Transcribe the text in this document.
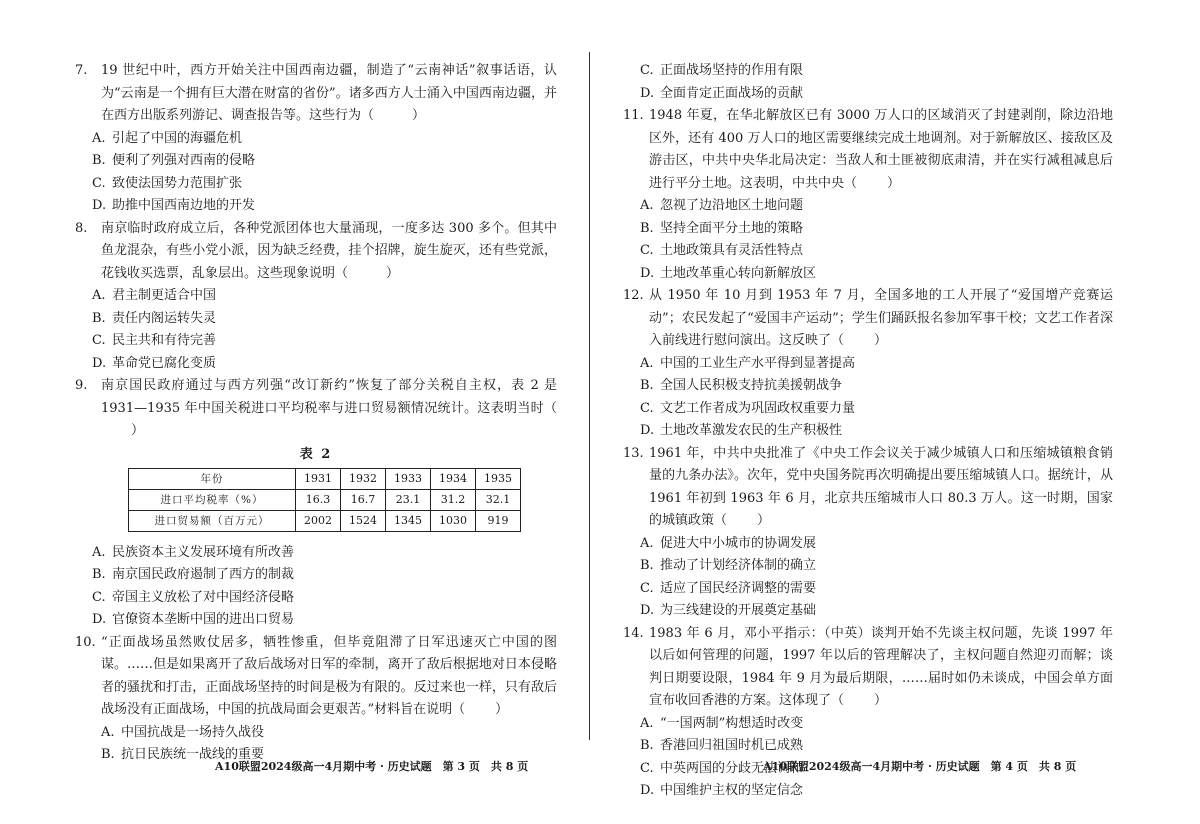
7.	19 世纪中叶，西方开始关注中国西南边疆，制造了“云南神话”叙事话语，认为“云南是一个拥有巨大潜在财富的省份”。诸多西方人士涌入中国西南边疆，并在西方出版系列游记、调查报告等。这些行为（	）
A. 引起了中国的海疆危机
B. 便利了列强对西南的侵略
C. 致使法国势力范围扩张
D. 助推中国西南边地的开发
8.	南京临时政府成立后，各种党派团体也大量涌现，一度多达 300 多个。但其中鱼龙混杂，有些小党小派，因为缺乏经费，挂个招牌，旋生旋灭，还有些党派，花钱收买选票，乱象层出。这些现象说明（	）
A. 君主制更适合中国
B. 责任内阁运转失灵
C. 民主共和有待完善
D. 革命党已腐化变质
9.	南京国民政府通过与西方列强“改订新约”恢复了部分关税自主权，表 2 是 1931—1935 年中国关税进口平均税率与进口贸易额情况统计。这表明当时（）
表 2
年份	1931	1932	1933	1934	1935
进口平均税率（%）	16.3	16.7	23.1	31.2	32.1
进口贸易额（百万元）	2002	1524	1345	1030	919
A. 民族资本主义发展环境有所改善
B. 南京国民政府遏制了西方的制裁
C. 帝国主义放松了对中国经济侵略
D. 官僚资本垄断中国的进出口贸易
10. “正面战场虽然败仗居多，牺牲惨重，但毕竟阻滞了日军迅速灭亡中国的图谋。……但是如果离开了敌后战场对日军的牵制，离开了敌后根据地对日本侵略者的骚扰和打击，正面战场坚持的时间是极为有限的。反过来也一样，只有敌后战场没有正面战场，中国的抗战局面会更艰苦。”材料旨在说明（ ）
A. 中国抗战是一场持久战役
B. 抗日民族统一战线的重要
C. 正面战场坚持的作用有限
D. 全面肯定正面战场的贡献
11. 1948 年夏，在华北解放区已有 3000 万人口的区域消灭了封建剥削，除边沿地区外，还有 400 万人口的地区需要继续完成土地调剂。对于新解放区、接敌区及游击区，中共中央华北局决定：当敌人和土匪被彻底肃清，并在实行减租减息后进行平分土地。这表明，中共中央（ ）
A. 忽视了边沿地区土地问题
B. 坚持全面平分土地的策略
C. 土地政策具有灵活性特点
D. 土地改革重心转向新解放区
12. 从 1950 年 10 月到 1953 年 7 月，全国多地的工人开展了“爱国增产竞赛运动”；农民发起了“爱国丰产运动”；学生们踊跃报名参加军事干校；文艺工作者深入前线进行慰问演出。这反映了（ ）
A. 中国的工业生产水平得到显著提高
B. 全国人民积极支持抗美援朝战争
C. 文艺工作者成为巩固政权重要力量
D. 土地改革激发农民的生产积极性
13. 1961 年，中共中央批准了《中央工作会议关于减少城镇人口和压缩城镇粮食销量的九条办法》。次年，党中央国务院再次明确提出要压缩城镇人口。据统计，从 1961 年初到 1963 年 6 月，北京共压缩城市人口 80.3 万人。这一时期，国家的城镇政策（ ）
A. 促进大中小城市的协调发展
B. 推动了计划经济体制的确立
C. 适应了国民经济调整的需要
D. 为三线建设的开展奠定基础
14. 1983 年 6 月，邓小平指示：（中英）谈判开始不先谈主权问题，先谈 1997 年以后如何管理的问题，1997 年以后的管理解决了，主权问题自然迎刃而解；谈判日期要设限，1984 年 9 月为最后期限，……届时如仍未谈成，中国会单方面宣布收回香港的方案。这体现了（ ）
A. “一国两制”构想适时改变
B. 香港回归祖国时机已成熟
C. 中英两国的分歧无法调和
D. 中国维护主权的坚定信念
A10联盟2024级高一4月期中考 · 历史试题　第 3 页　共 8 页	A10联盟2024级高一4月期中考 · 历史试题　第 4 页　共 8 页
